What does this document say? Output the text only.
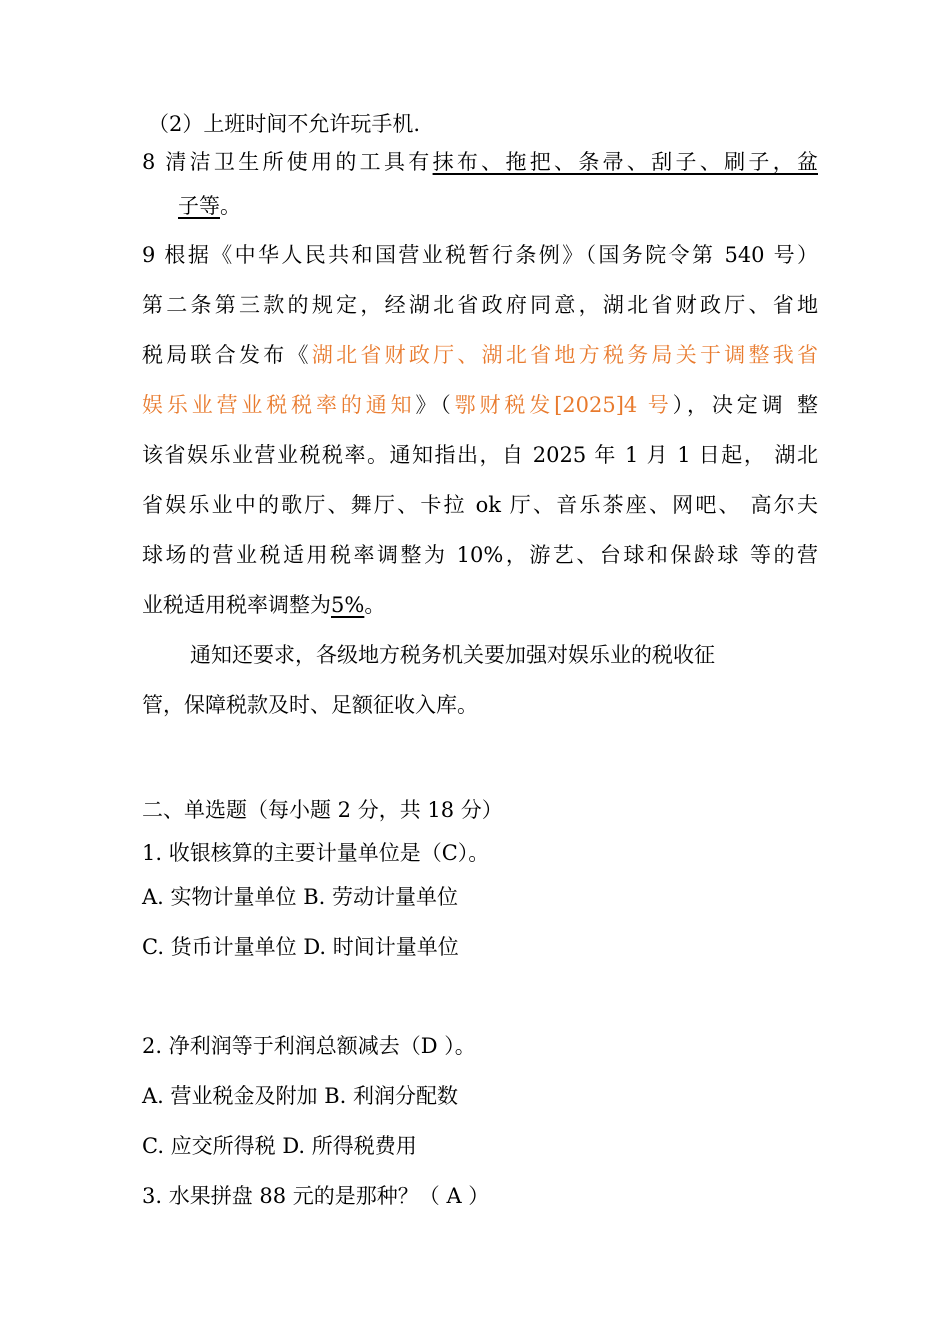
（2）上班时间不允许玩手机.
8 清洁卫生所使用的工具有抹布、拖把、条帚、刮子、刷子，盆
子等。
9 根据《中华人民共和国营业税暂行条例》（国务院令第 540 号）
第二条第三款的规定，经湖北省政府同意，湖北省财政厅、省地
税局联合发布《湖北省财政厅、湖北省地方税务局关于调整我省
娱乐业营业税税率的通知》（鄂财税发[2025]4 号），决定调 整
该省娱乐业营业税税率。通知指出，自 2025 年 1 月 1 日起， 湖北
省娱乐业中的歌厅、舞厅、卡拉 ok 厅、音乐茶座、网吧、 高尔夫
球场的营业税适用税率调整为 10%，游艺、台球和保龄球 等的营
业税适用税率调整为5%。
通知还要求，各级地方税务机关要加强对娱乐业的税收征
管，保障税款及时、足额征收入库。
二、单选题（每小题 2 分，共 18 分）
1. 收银核算的主要计量单位是（C）。
A. 实物计量单位 B. 劳动计量单位
C. 货币计量单位 D. 时间计量单位
2. 净利润等于利润总额减去（D ）。
A. 营业税金及附加 B. 利润分配数
C. 应交所得税 D. 所得税费用
3. 水果拼盘 88 元的是那种？（ A ）
